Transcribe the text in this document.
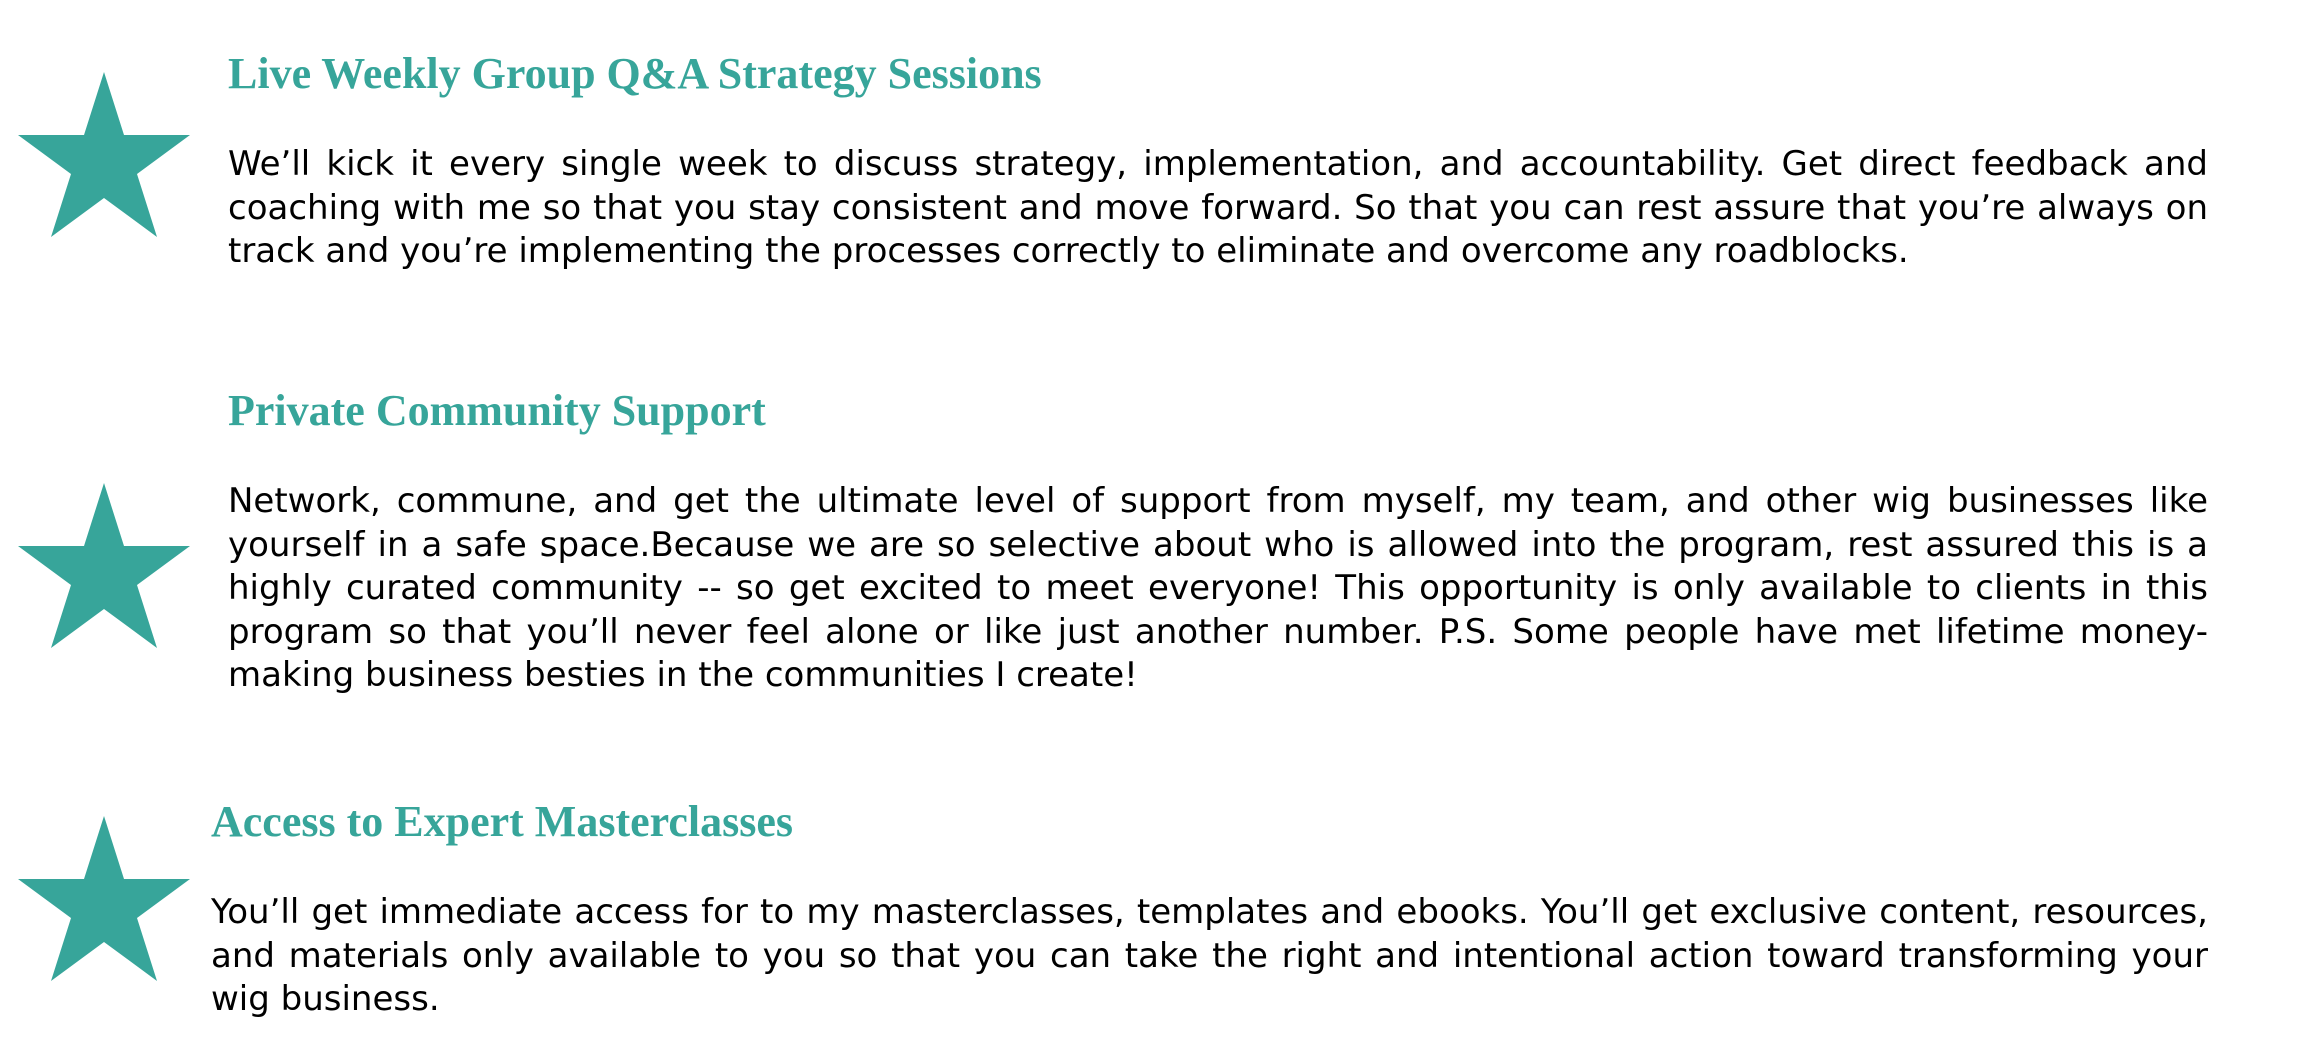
Live Weekly Group Q&A Strategy Sessions

We’ll kick it every single week to discuss strategy, implementation, and accountability. Get direct feedback and coaching with me so that you stay consistent and move forward. So that you can rest assure that you’re always on track and you’re implementing the processes correctly to eliminate and overcome any roadblocks.

Private Community Support

Network, commune, and get the ultimate level of support from myself, my team, and other wig businesses like yourself in a safe space.Because we are so selective about who is allowed into the program, rest assured this is a highly curated community -- so get excited to meet everyone! This opportunity is only available to clients in this program so that you’ll never feel alone or like just another number. P.S. Some people have met lifetime money-making business besties in the communities I create!

Access to Expert Masterclasses

You’ll get immediate access for to my masterclasses, templates and ebooks. You’ll get exclusive content, resources, and materials only available to you so that you can take the right and intentional action toward transforming your wig business.
